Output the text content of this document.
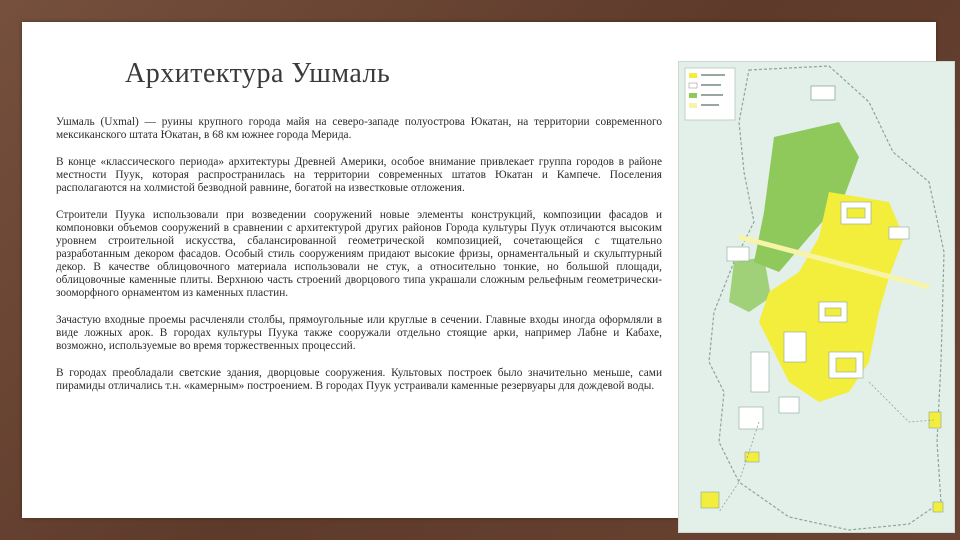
Архитектура Ушмаль

Ушмаль (Uxmal) — руины крупного города майя на северо-западе полуострова Юкатан, на территории современного мексиканского штата Юкатан, в 68 км южнее города Мерида.

В конце «классического периода» архитектуры Древней Америки, особое внимание привлекает группа городов в районе местности Пуук, которая распространилась на территории современных штатов Юкатан и Кампече. Поселения располагаются на холмистой безводной равнине, богатой на известковые отложения.

Строители Пуука использовали при возведении сооружений новые элементы конструкций, композиции фасадов и компоновки объемов сооружений в сравнении с архитектурой других районов Города культуры Пуук отличаются высоким уровнем строительной искусства, сбалансированной геометрической композицией, сочетающейся с тщательно разработанным декором фасадов. Особый стиль сооружениям придают высокие фризы, орнаментальный и скульптурный декор. В качестве облицовочного материала использовали не стук, а относительно тонкие, но большой площади, облицовочные каменные плиты. Верхнюю часть строений дворцового типа украшали сложным рельефным геометрически-зооморфного орнаментом из каменных пластин.

Зачастую входные проемы расчленяли столбы, прямоугольные или круглые в сечении. Главные входы иногда оформляли в виде ложных арок. В городах культуры Пуука также сооружали отдельно стоящие арки, например Лабне и Кабахе, возможно, используемые во время торжественных процессий.

В городах преобладали светские здания, дворцовые сооружения. Культовых построек было значительно меньше, сами пирамиды отличались т.н. «камерным» построением. В городах Пуук устраивали каменные резервуары для дождевой воды.
